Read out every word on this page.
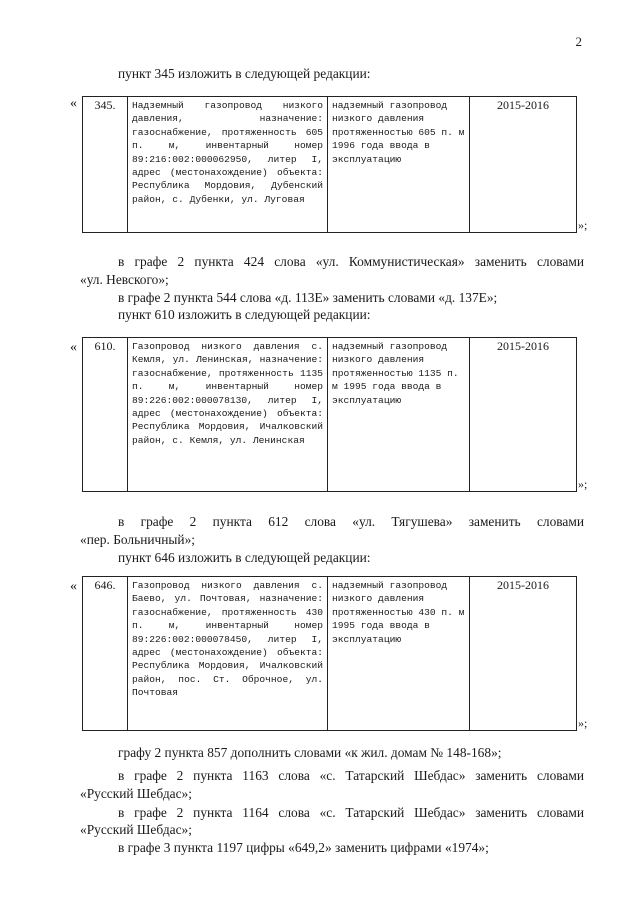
2
пункт 345 изложить в следующей редакции:
« 345.	Надземный газопровод низкого давления, назначение: газоснабжение, протяженность 605 п. м, инвентарный номер 89:216:002:000062950, литер I, адрес (местонахождение) объекта: Республика Мордовия, Дубенский район, с. Дубенки, ул. Луговая	надземный газопровод низкого давления протяженностью 605 п. м 1996 года ввода в эксплуатацию	2015-2016
»;
в графе 2 пункта 424 слова «ул. Коммунистическая» заменить словами
«ул. Невского»;
в графе 2 пункта 544 слова «д. 113Е» заменить словами «д. 137Е»;
пункт 610 изложить в следующей редакции:
« 610.	Газопровод низкого давления с. Кемля, ул. Ленинская, назначение: газоснабжение, протяженность 1135 п. м, инвентарный номер 89:226:002:000078130, литер I, адрес (местонахождение) объекта: Республика Мордовия, Ичалковский район, с. Кемля, ул. Ленинская	надземный газопровод низкого давления протяженностью 1135 п. м 1995 года ввода в эксплуатацию	2015-2016
»;
в графе 2 пункта 612 слова «ул. Тягушева» заменить словами
«пер. Больничный»;
пункт 646 изложить в следующей редакции:
« 646.	Газопровод низкого давления с. Баево, ул. Почтовая, назначение: газоснабжение, протяженность 430 п. м, инвентарный номер 89:226:002:000078450, литер I, адрес (местонахождение) объекта: Республика Мордовия, Ичалковский район, пос. Ст. Оброчное, ул. Почтовая	надземный газопровод низкого давления протяженностью 430 п. м 1995 года ввода в эксплуатацию	2015-2016
»;
графу 2 пункта 857 дополнить словами «к жил. домам № 148-168»;
в графе 2 пункта 1163 слова «с. Татарский Шебдас» заменить словами
«Русский Шебдас»;
в графе 2 пункта 1164 слова «с. Татарский Шебдас» заменить словами
«Русский Шебдас»;
в графе 3 пункта 1197 цифры «649,2» заменить цифрами «1974»;
